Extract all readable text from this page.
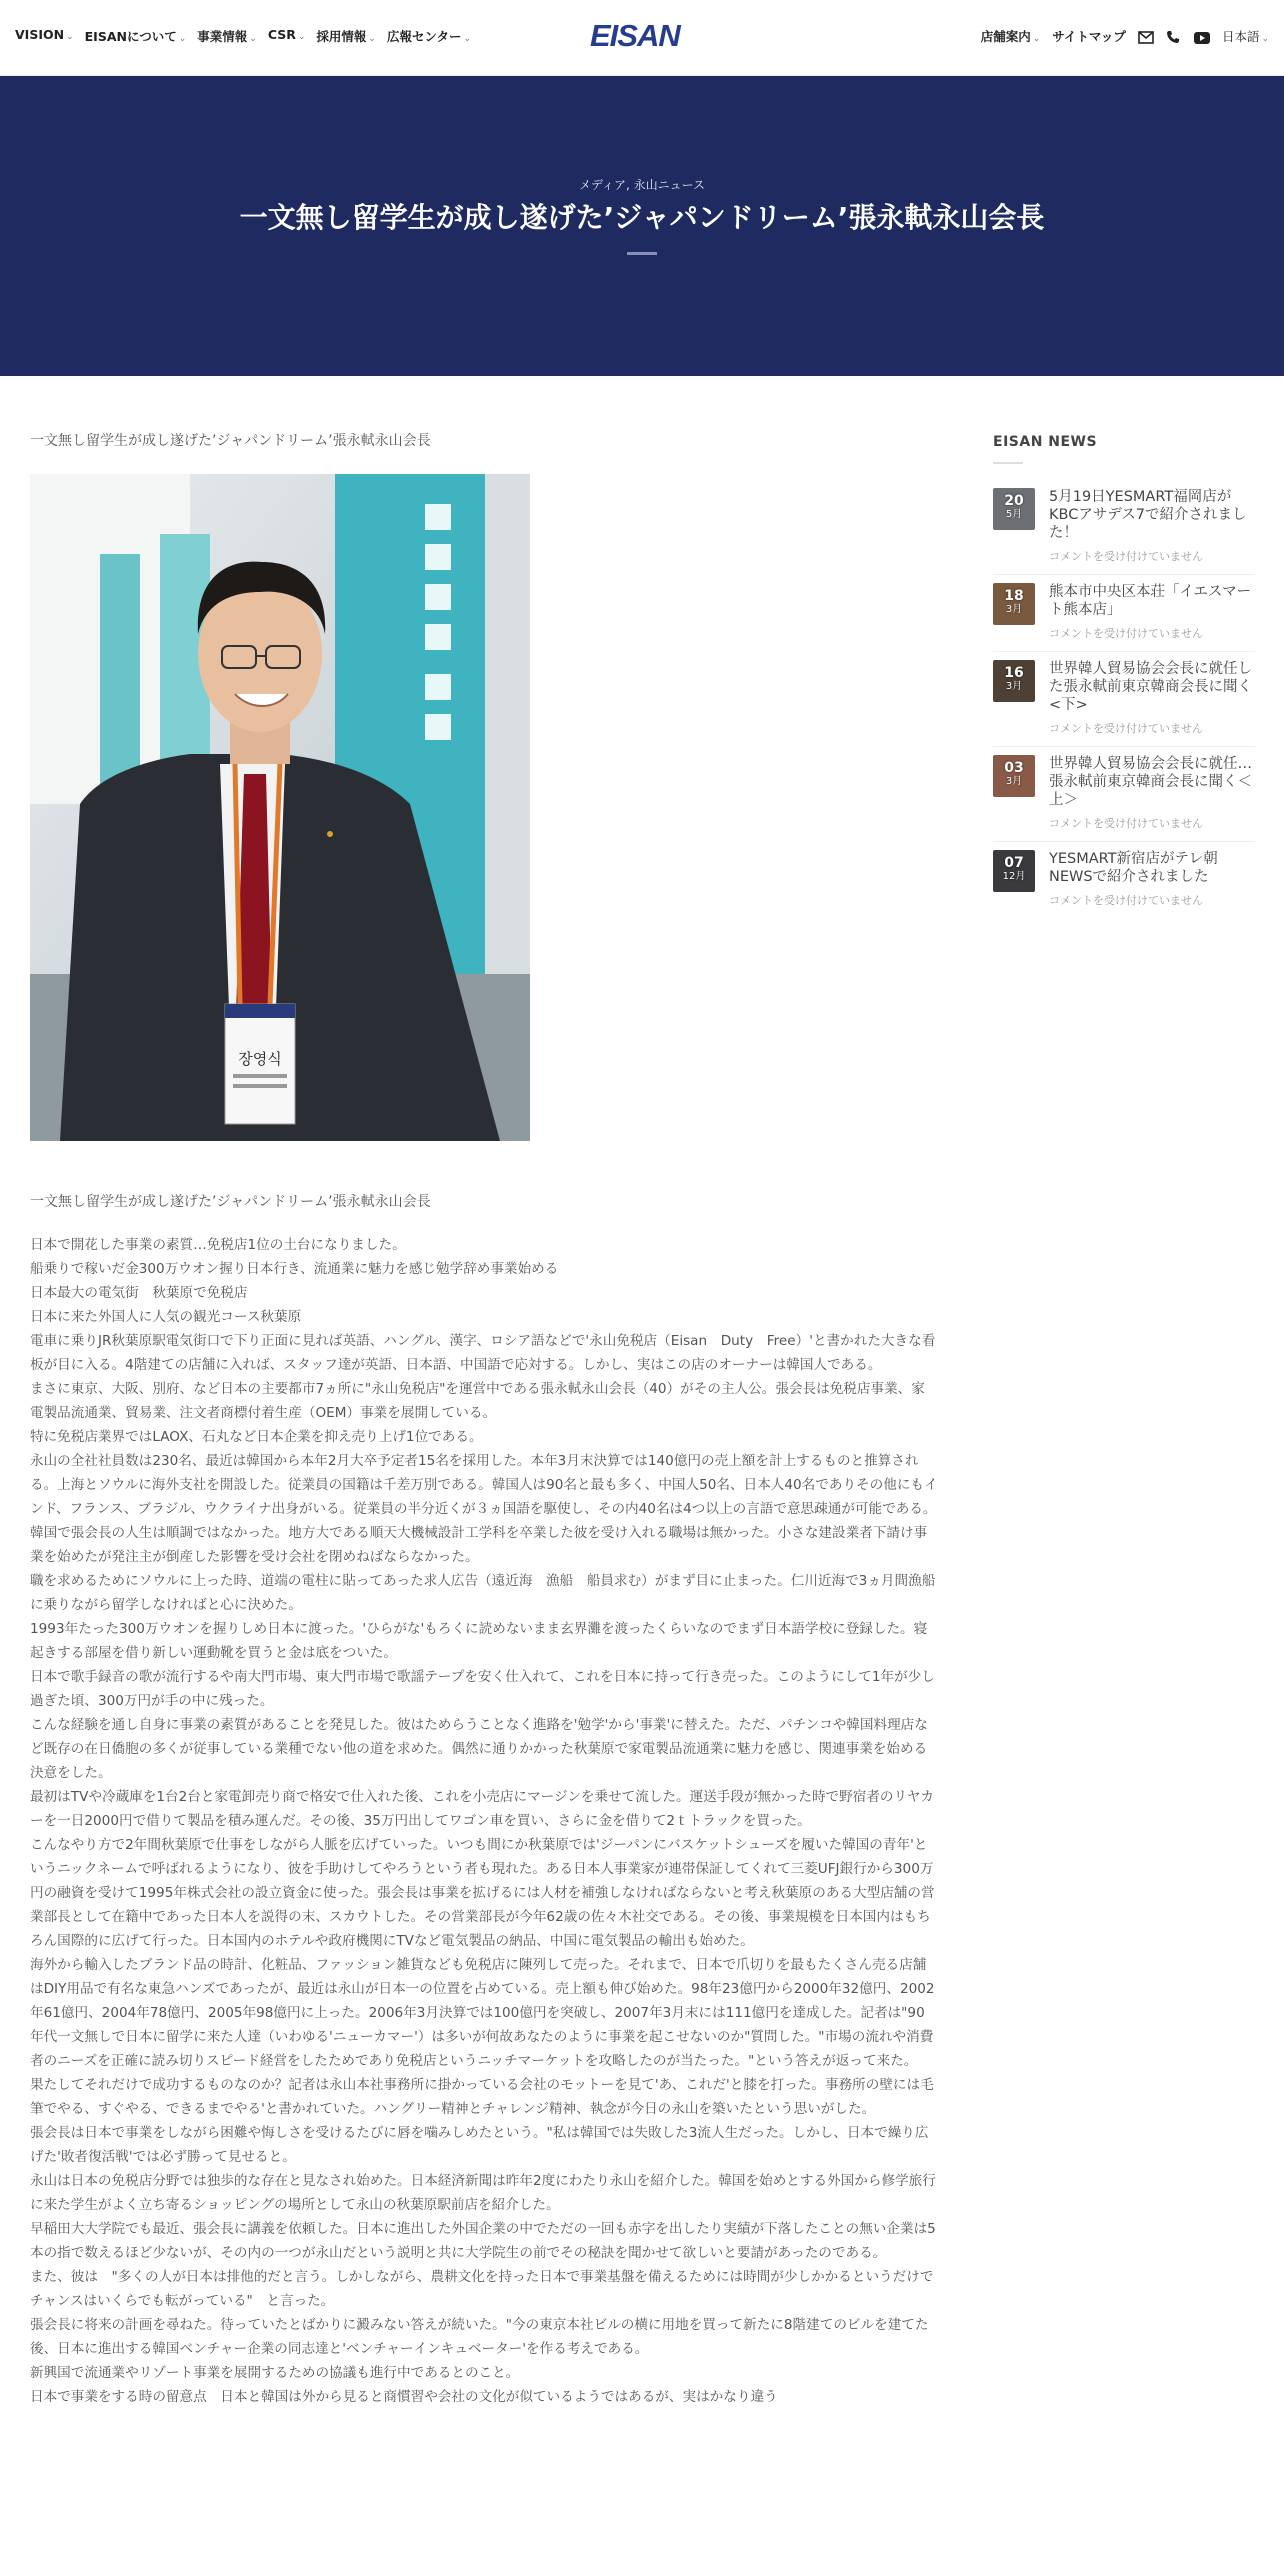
VISION ⌄ EISANについて ⌄ 事業情報 ⌄ CSR ⌄ 採用情報 ⌄ 広報センター ⌄	EISAN	店舗案内 ⌄ サイトマップ	日本語 ⌄
メディア, 永山ニュース
一文無し留学生が成し遂げた’ジャパンドリーム’張永軾永山会長

一文無し留学生が成し遂げた’ジャパンドリーム’張永軾永山会長

장영식
一文無し留学生が成し遂げた’ジャパンドリーム’張永軾永山会長

日本で開花した事業の素質…免税店1位の土台になりました。

船乗りで稼いだ金300万ウオン握り日本行き、流通業に魅力を感じ勉学辞め事業始める

日本最大の電気街　秋葉原で免税店

日本に来た外国人に人気の観光コース秋葉原

電車に乗りJR秋葉原駅電気街口で下り正面に見れば英語、ハングル、漢字、ロシア語などで'永山免税店（Eisan　Duty　Free）'と書かれた大きな看板が目に入る。4階建ての店舗に入れば、スタッフ達が英語、日本語、中国語で応対する。しかし、実はこの店のオーナーは韓国人である。

まさに東京、大阪、別府、など日本の主要都市7ヵ所に"永山免税店"を運営中である張永軾永山会長（40）がその主人公。張会長は免税店事業、家電製品流通業、貿易業、注文者商標付着生産（OEM）事業を展開している。

特に免税店業界ではLAOX、石丸など日本企業を抑え売り上げ1位である。

永山の全社社員数は230名、最近は韓国から本年2月大卒予定者15名を採用した。本年3月末決算では140億円の売上額を計上するものと推算される。上海とソウルに海外支社を開設した。従業員の国籍は千差万別である。韓国人は90名と最も多く、中国人50名、日本人40名でありその他にもインド、フランス、ブラジル、ウクライナ出身がいる。従業員の半分近くが３ヵ国語を駆使し、その内40名は4つ以上の言語で意思疎通が可能である。

韓国で張会長の人生は順調ではなかった。地方大である順天大機械設計工学科を卒業した彼を受け入れる職場は無かった。小さな建設業者下請け事業を始めたが発注主が倒産した影響を受け会社を閉めねばならなかった。

職を求めるためにソウルに上った時、道端の電柱に貼ってあった求人広告（遠近海　漁船　船員求む）がまず目に止まった。仁川近海で3ヵ月間漁船に乗りながら留学しなければと心に決めた。

1993年たった300万ウオンを握りしめ日本に渡った。'ひらがな'もろくに読めないまま玄界灘を渡ったくらいなのでまず日本語学校に登録した。寝起きする部屋を借り新しい運動靴を買うと金は底をついた。

日本で歌手録音の歌が流行するや南大門市場、東大門市場で歌謡テープを安く仕入れて、これを日本に持って行き売った。このようにして1年が少し過ぎた頃、300万円が手の中に残った。

こんな経験を通し自身に事業の素質があることを発見した。彼はためらうことなく進路を'勉学'から'事業'に替えた。ただ、パチンコや韓国料理店など既存の在日僑胞の多くが従事している業種でない他の道を求めた。偶然に通りかかった秋葉原で家電製品流通業に魅力を感じ、関連事業を始める決意をした。

最初はTVや冷蔵庫を1台2台と家電卸売り商で格安で仕入れた後、これを小売店にマージンを乗せて流した。運送手段が無かった時で野宿者のリヤカーを一日2000円で借りて製品を積み運んだ。その後、35万円出してワゴン車を買い、さらに金を借りて2ｔトラックを買った。

こんなやり方で2年間秋葉原で仕事をしながら人脈を広げていった。いつも間にか秋葉原では'ジーパンにバスケットシューズを履いた韓国の青年'というニックネームで呼ばれるようになり、彼を手助けしてやろうという者も現れた。ある日本人事業家が連帯保証してくれて三菱UFJ銀行から300万円の融資を受けて1995年株式会社の設立資金に使った。張会長は事業を拡げるには人材を補強しなければならないと考え秋葉原のある大型店舗の営業部長として在籍中であった日本人を説得の末、スカウトした。その営業部長が今年62歳の佐々木社交である。その後、事業規模を日本国内はもちろん国際的に広げて行った。日本国内のホテルや政府機関にTVなど電気製品の納品、中国に電気製品の輸出も始めた。

海外から輸入したブランド品の時計、化粧品、ファッション雑貨なども免税店に陳列して売った。それまで、日本で爪切りを最もたくさん売る店舗はDIY用品で有名な東急ハンズであったが、最近は永山が日本一の位置を占めている。売上額も伸び始めた。98年23億円から2000年32億円、2002年61億円、2004年78億円、2005年98億円に上った。2006年3月決算では100億円を突破し、2007年3月末には111億円を達成した。記者は"90年代一文無しで日本に留学に来た人達（いわゆる'ニューカマー'）は多いが何故あなたのように事業を起こせないのか"質問した。"市場の流れや消費者のニーズを正確に読み切りスピード経営をしたためであり免税店というニッチマーケットを攻略したのが当たった。"という答えが返って来た。

果たしてそれだけで成功するものなのか？記者は永山本社事務所に掛かっている会社のモットーを見て'あ、これだ'と膝を打った。事務所の壁には毛筆でやる、すぐやる、できるまでやる'と書かれていた。ハングリー精神とチャレンジ精神、執念が今日の永山を築いたという思いがした。

張会長は日本で事業をしながら困難や悔しさを受けるたびに唇を噛みしめたという。"私は韓国では失敗した3流人生だった。しかし、日本で繰り広げた'敗者復活戦'では必ず勝って見せると。

永山は日本の免税店分野では独歩的な存在と見なされ始めた。日本経済新聞は昨年2度にわたり永山を紹介した。韓国を始めとする外国から修学旅行に来た学生がよく立ち寄るショッピングの場所として永山の秋葉原駅前店を紹介した。

早稲田大大学院でも最近、張会長に講義を依頼した。日本に進出した外国企業の中でただの一回も赤字を出したり実績が下落したことの無い企業は5本の指で数えるほど少ないが、その内の一つが永山だという説明と共に大学院生の前でその秘訣を聞かせて欲しいと要請があったのである。

また、彼は　"多くの人が日本は排他的だと言う。しかしながら、農耕文化を持った日本で事業基盤を備えるためには時間が少しかかるというだけでチャンスはいくらでも転がっている"　と言った。

張会長に将来の計画を尋ねた。待っていたとばかりに澱みない答えが続いた。"今の東京本社ビルの横に用地を買って新たに8階建てのビルを建てた後、日本に進出する韓国ベンチャー企業の同志達と'ベンチャーインキュベーター'を作る考えである。

新興国で流通業やリゾート事業を展開するための協議も進行中であるとのこと。

日本で事業をする時の留意点　日本と韓国は外から見ると商慣習や会社の文化が似ているようではあるが、実はかなり違う

EISAN NEWS
20
5月
5月19日YESMART福岡店がKBCアサデス7で紹介されました！
コメントを受け付けていません
18
3月
熊本市中央区本荘「イエスマート熊本店」
コメントを受け付けていません
16
3月
世界韓人貿易協会会長に就任した張永軾前東京韓商会長に聞く<下>
コメントを受け付けていません
03
3月
世界韓人貿易協会会長に就任…張永軾前東京韓商会長に聞く＜上＞
コメントを受け付けていません
07
12月
YESMART新宿店がテレ朝NEWSで紹介されました
コメントを受け付けていません
